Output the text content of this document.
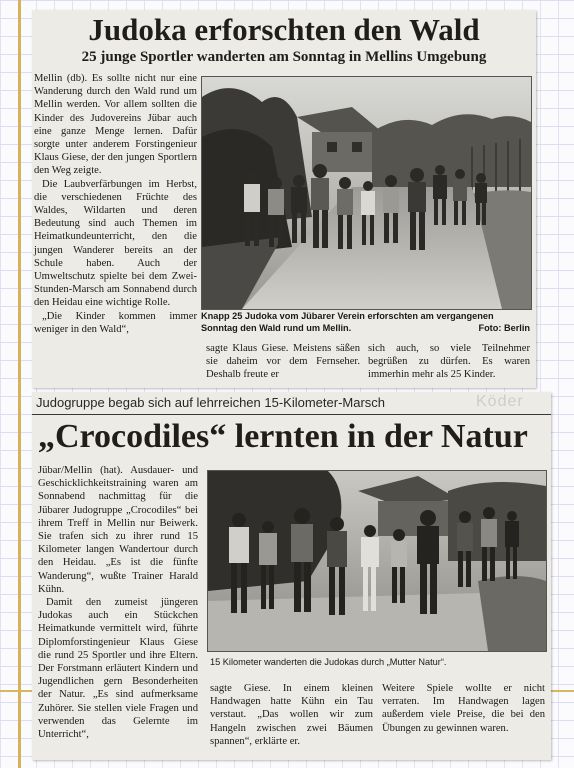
Judoka erforschten den Wald
25 junge Sportler wanderten am Sonntag in Mellins Umgebung

Mellin (db). Es sollte nicht nur eine Wanderung durch den Wald rund um Mellin werden. Vor allem sollten die Kinder des Judovereins Jübar auch eine ganze Menge lernen. Dafür sorgte unter anderem Forstingenieur Klaus Giese, der den jungen Sportlern den Weg zeigte.

Die Laubverfärbungen im Herbst, die verschiedenen Früchte des Waldes, Wildarten und deren Bedeutung sind auch Themen im Heimatkundeunterricht, den die jungen Wanderer bereits an der Schule haben. Auch der Umweltschutz spielte bei dem Zwei- Stunden-Marsch am Sonnabend durch den Heidau eine wichtige Rolle.

„Die Kinder kommen immer weniger in den Wald“,

Knapp 25 Judoka vom Jübarer Verein erforschten am vergangenen Sonntag den Wald rund um Mellin.	Foto: Berlin

sagte Klaus Giese. Meistens säßen sie daheim vor dem Fernseher. Deshalb freute er

sich auch, so viele Teilnehmer begrüßen zu dürfen. Es waren immerhin mehr als 25 Kinder.

Judogruppe begab sich auf lehrreichen 15-Kilometer-Marsch	Köder
„Crocodiles“ lernten in der Natur

Jübar/Mellin (hat). Ausdauer- und Geschicklichkeitstraining waren am Sonnabend nachmittag für die Jübarer Judogruppe „Crocodiles“ bei ihrem Treff in Mellin nur Beiwerk. Sie trafen sich zu ihrer rund 15 Kilometer langen Wandertour durch den Heidau. „Es ist die fünfte Wanderung“, wußte Trainer Harald Kühn.

Damit den zumeist jüngeren Judokas auch ein Stückchen Heimatkunde vermittelt wird, führte Diplomforstingenieur Klaus Giese die rund 25 Sportler und ihre Eltern. Der Forstmann erläutert Kindern und Jugendlichen gern Besonderheiten der Natur. „Es sind aufmerksame Zuhörer. Sie stellen viele Fragen und verwenden das Gelernte im Unterricht“,

15 Kilometer wanderten die Judokas durch „Mutter Natur“.

sagte Giese. In einem kleinen Handwagen hatte Kühn ein Tau verstaut. „Das wollen wir zum Hangeln zwischen zwei Bäumen spannen“, erklärte er.

Weitere Spiele wollte er nicht verraten. Im Handwagen lagen außerdem viele Preise, die bei den Übungen zu gewinnen waren.
